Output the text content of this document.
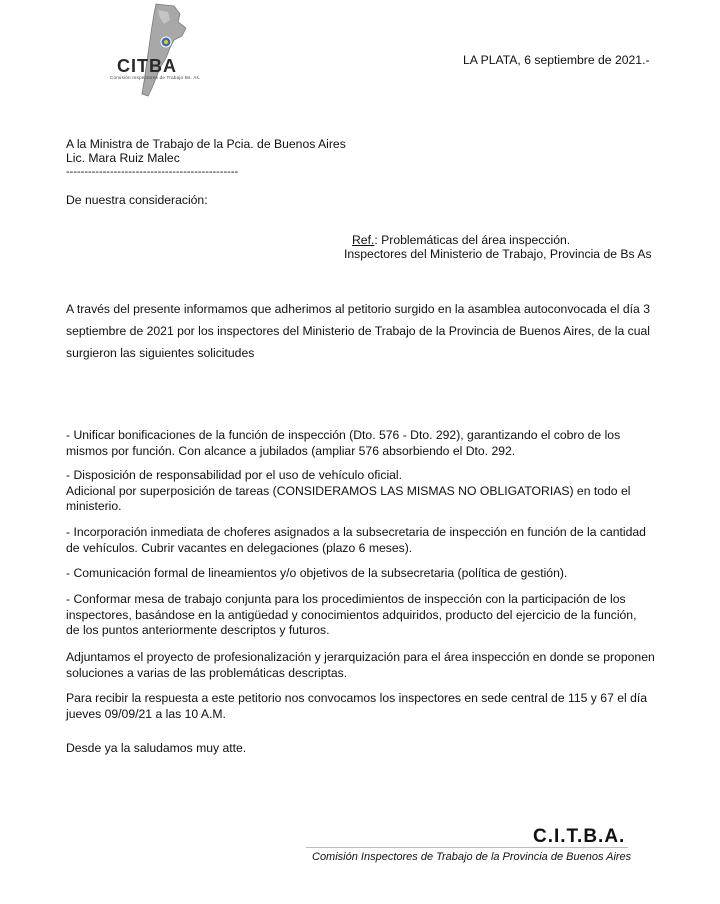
CITBA
Comisión Inspectores de Trabajo Bs. As.
LA PLATA, 6 septiembre de 2021.-
A la Ministra de Trabajo de la Pcia. de Buenos Aires
Lic. Mara Ruiz Malec
-----------------------------------------------
De nuestra consideración:
Ref.: Problemáticas del área inspección.
Inspectores del Ministerio de Trabajo, Provincia de Bs As
A través del presente informamos que adherimos al petitorio surgido en la asamblea autoconvocada el día 3
septiembre de 2021 por los inspectores del Ministerio de Trabajo de la Provincia de Buenos Aires, de la cual
surgieron las siguientes solicitudes
- Unificar bonificaciones de la función de inspección (Dto. 576 - Dto. 292), garantizando el cobro de los
mismos por función. Con alcance a jubilados (ampliar 576 absorbiendo el Dto. 292.
- Disposición de responsabilidad por el uso de vehículo oficial.
Adicional por superposición de tareas (CONSIDERAMOS LAS MISMAS NO OBLIGATORIAS) en todo el
ministerio.
- Incorporación inmediata de choferes asignados a la subsecretaria de inspección en función de la cantidad
de vehículos. Cubrir vacantes en delegaciones (plazo 6 meses).
- Comunicación formal de lineamientos y/o objetivos de la subsecretaria (política de gestión).
- Conformar mesa de trabajo conjunta para los procedimientos de inspección con la participación de los
inspectores, basándose en la antigüedad y conocimientos adquiridos, producto del ejercicio de la función,
de los puntos anteriormente descriptos y futuros.
Adjuntamos el proyecto de profesionalización y jerarquización para el área inspección en donde se proponen
soluciones a varias de las problemáticas descriptas.
Para recibir la respuesta a este petitorio nos convocamos los inspectores en sede central de 115 y 67 el día
jueves 09/09/21 a las 10 A.M.
Desde ya la saludamos muy atte.
C.I.T.B.A.
Comisión Inspectores de Trabajo de la Provincia de Buenos Aires
